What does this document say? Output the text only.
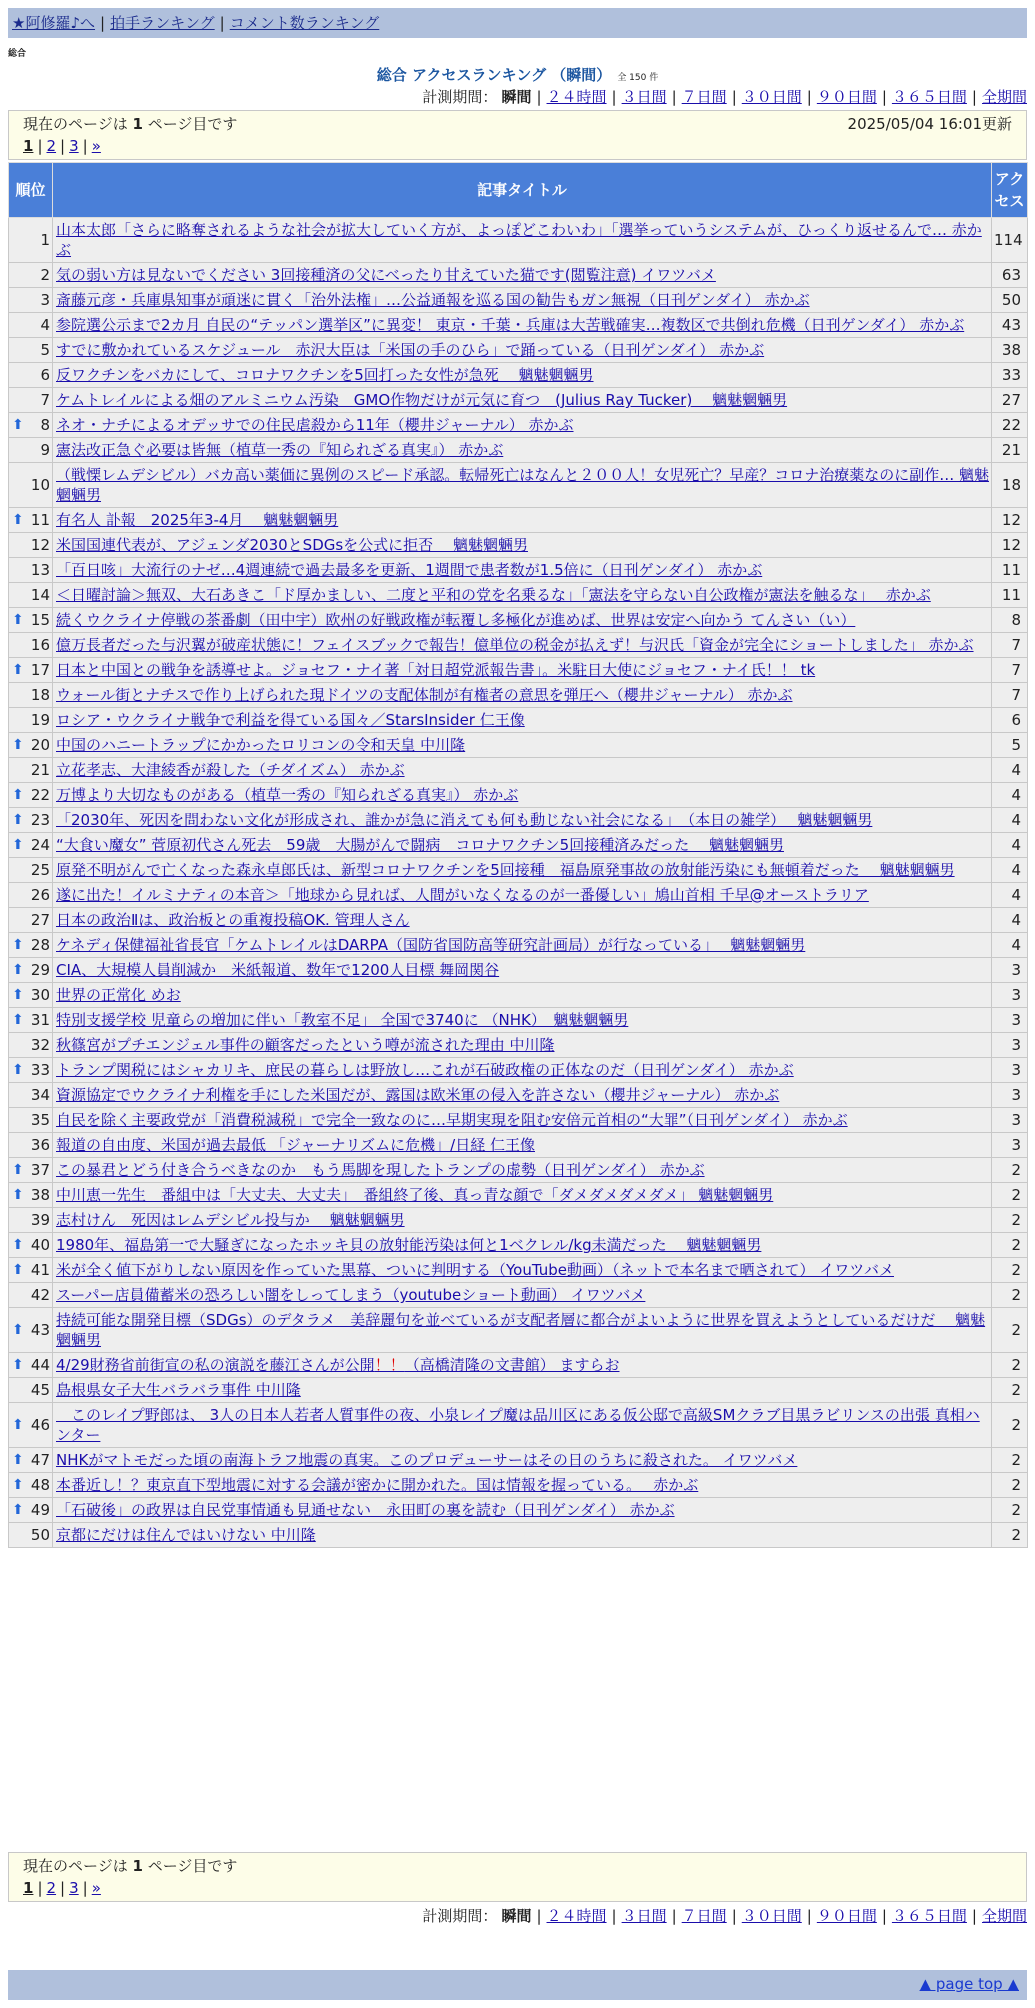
★阿修羅♪へ | 拍手ランキング | コメント数ランキング
総合
総合 アクセスランキング （瞬間） 全 150 件
計測期間： 瞬間 | ２４時間 | ３日間 | ７日間 | ３０日間 | ９０日間 | ３６５日間 | 全期間
現在のページは 1 ページ目です	2025/05/04 16:01更新
1 | 2 | 3 | »
順位	記事タイトル	アクセス
1	山本太郎「さらに略奪されるような社会が拡大していく方が、よっぽどこわいわ」「選挙っていうシステムが、ひっくり返せるんで… 赤かぶ	114
2	気の弱い方は見ないでください 3回接種済の父にべったり甘えていた猫です(閲覧注意) イワツバメ	63
3	斎藤元彦・兵庫県知事が頑迷に貫く「治外法権」…公益通報を巡る国の勧告もガン無視（日刊ゲンダイ） 赤かぶ	50
4	参院選公示まで2カ月 自民の“テッパン選挙区”に異変！ 東京・千葉・兵庫は大苦戦確実…複数区で共倒れ危機（日刊ゲンダイ） 赤かぶ	43
5	すでに敷かれているスケジュール　赤沢大臣は「米国の手のひら」で踊っている（日刊ゲンダイ） 赤かぶ	38
6	反ワクチンをバカにして、コロナワクチンを5回打った女性が急死　 魑魅魍魎男	33
7	ケムトレイルによる畑のアルミニウム汚染　GMO作物だけが元気に育つ　(Julius Ray Tucker)　 魑魅魍魎男	27

⬆ 8	ネオ・ナチによるオデッサでの住民虐殺から11年（櫻井ジャーナル） 赤かぶ	22
9	憲法改正急ぐ必要は皆無（植草一秀の『知られざる真実』） 赤かぶ	21
10	（戦慄レムデシビル）バカ高い薬価に異例のスピード承認。転帰死亡はなんと２００人！女児死亡？早産？コロナ治療薬なのに副作… 魑魅魍魎男	18

⬆ 11	有名人 訃報　2025年3-4月　 魑魅魍魎男	12
12	米国国連代表が、アジェンダ2030とSDGsを公式に拒否　 魑魅魍魎男	12
13	「百日咳」大流行のナゼ…4週連続で過去最多を更新、1週間で患者数が1.5倍に（日刊ゲンダイ） 赤かぶ	11
14	＜日曜討論＞無双、大石あきこ「ド厚かましい、二度と平和の党を名乗るな」「憲法を守らない自公政権が憲法を触るな」　 赤かぶ	11

⬆ 15	続くウクライナ停戦の茶番劇（田中宇）欧州の好戦政権が転覆し多極化が進めば、世界は安定へ向かう てんさい（い）	8
16	億万長者だった与沢翼が破産状態に！フェイスブックで報告！億単位の税金が払えず！与沢氏「資金が完全にショートしました」 赤かぶ	7

⬆ 17	日本と中国との戦争を誘導せよ。ジョセフ・ナイ著「対日超党派報告書」。米駐日大使にジョセフ・ナイ氏！！ tk	7
18	ウォール街とナチスで作り上げられた現ドイツの支配体制が有権者の意思を弾圧へ（櫻井ジャーナル） 赤かぶ	7
19	ロシア・ウクライナ戦争で利益を得ている国々／StarsInsider 仁王像	6

⬆ 20	中国のハニートラップにかかったロリコンの令和天皇 中川隆	5
21	立花孝志、大津綾香が殺した（チダイズム） 赤かぶ	4

⬆ 22	万博より大切なものがある（植草一秀の『知られざる真実』） 赤かぶ	4

⬆ 23	「2030年、死因を問わない文化が形成され、誰かが急に消えても何も動じない社会になる」　（本日の雑学）　 魑魅魍魎男	4

⬆ 24	“大食い魔女” 菅原初代さん死去　59歳　大腸がんで闘病　コロナワクチン5回接種済みだった　 魑魅魍魎男	4
25	原発不明がんで亡くなった森永卓郎氏は、新型コロナワクチンを5回接種　福島原発事故の放射能汚染にも無頓着だった　 魑魅魍魎男	4
26	遂に出た！イルミナティの本音＞「地球から見れば、人間がいなくなるのが一番優しい」鳩山首相 千早@オーストラリア	4
27	日本の政治Ⅱは、政治板との重複投稿OK. 管理人さん	4

⬆ 28	ケネディ保健福祉省長官「ケムトレイルはDARPA（国防省国防高等研究計画局）が行なっている」　 魑魅魍魎男	4

⬆ 29	CIA、大規模人員削減か　米紙報道、数年で1200人目標 舞岡関谷	3

⬆ 30	世界の正常化 めお	3

⬆ 31	特別支援学校 児童らの増加に伴い「教室不足」 全国で3740に （NHK）　魑魅魍魎男	3
32	秋篠宮がプチエンジェル事件の顧客だったという噂が流された理由 中川隆	3

⬆ 33	トランプ関税にはシャカリキ、庶民の暮らしは野放し…これが石破政権の正体なのだ（日刊ゲンダイ） 赤かぶ	3
34	資源協定でウクライナ利権を手にした米国だが、露国は欧米軍の侵入を許さない（櫻井ジャーナル） 赤かぶ	3
35	自民を除く主要政党が「消費税減税」で完全一致なのに…早期実現を阻む安倍元首相の“大罪”（日刊ゲンダイ） 赤かぶ	3
36	報道の自由度、米国が過去最低 「ジャーナリズムに危機」/日経 仁王像	3

⬆ 37	この暴君とどう付き合うべきなのか　もう馬脚を現したトランプの虚勢（日刊ゲンダイ） 赤かぶ	2

⬆ 38	中川恵一先生　番組中は「大丈夫、大丈夫」　番組終了後、真っ青な顔で「ダメダメダメダメ」 魑魅魍魎男	2
39	志村けん　死因はレムデシビル投与か　 魑魅魍魎男	2

⬆ 40	1980年、福島第一で大騒ぎになったホッキ貝の放射能汚染は何と1ベクレル/kg未満だった　 魑魅魍魎男	2

⬆ 41	米が全く値下がりしない原因を作っていた黒幕、ついに判明する（YouTube動画）（ネットで本名まで晒されて） イワツバメ	2
42	スーパー店員備蓄米の恐ろしい闇をしってしまう（youtubeショート動画） イワツバメ	2

⬆ 43	持続可能な開発目標（SDGs）のデタラメ　美辞麗句を並べているが支配者層に都合がよいように世界を買えようとしているだけだ　 魑魅魍魎男	2

⬆ 44	4/29財務省前街宣の私の演説を藤江さんが公開！！（高橋清隆の文書館） ますらお	2
45	島根県女子大生バラバラ事件 中川隆	2

⬆ 46	　このレイプ野郎は、 3人の日本人若者人質事件の夜、小泉レイプ魔は品川区にある仮公邸で高級SMクラブ目黒ラビリンスの出張 真相ハンター	2

⬆ 47	NHKがマトモだった頃の南海トラフ地震の真実。このプロデューサーはその日のうちに殺された。 イワツバメ	2

⬆ 48	本番近し！？東京直下型地震に対する会議が密かに開かれた。国は情報を握っている。　 赤かぶ	2

⬆ 49	「石破後」の政界は自民党事情通も見通せない　永田町の裏を読む（日刊ゲンダイ） 赤かぶ	2
50	京都にだけは住んではいけない 中川隆	2
現在のページは 1 ページ目です
1 | 2 | 3 | »
計測期間： 瞬間 | ２４時間 | ３日間 | ７日間 | ３０日間 | ９０日間 | ３６５日間 | 全期間
▲ page top ▲
